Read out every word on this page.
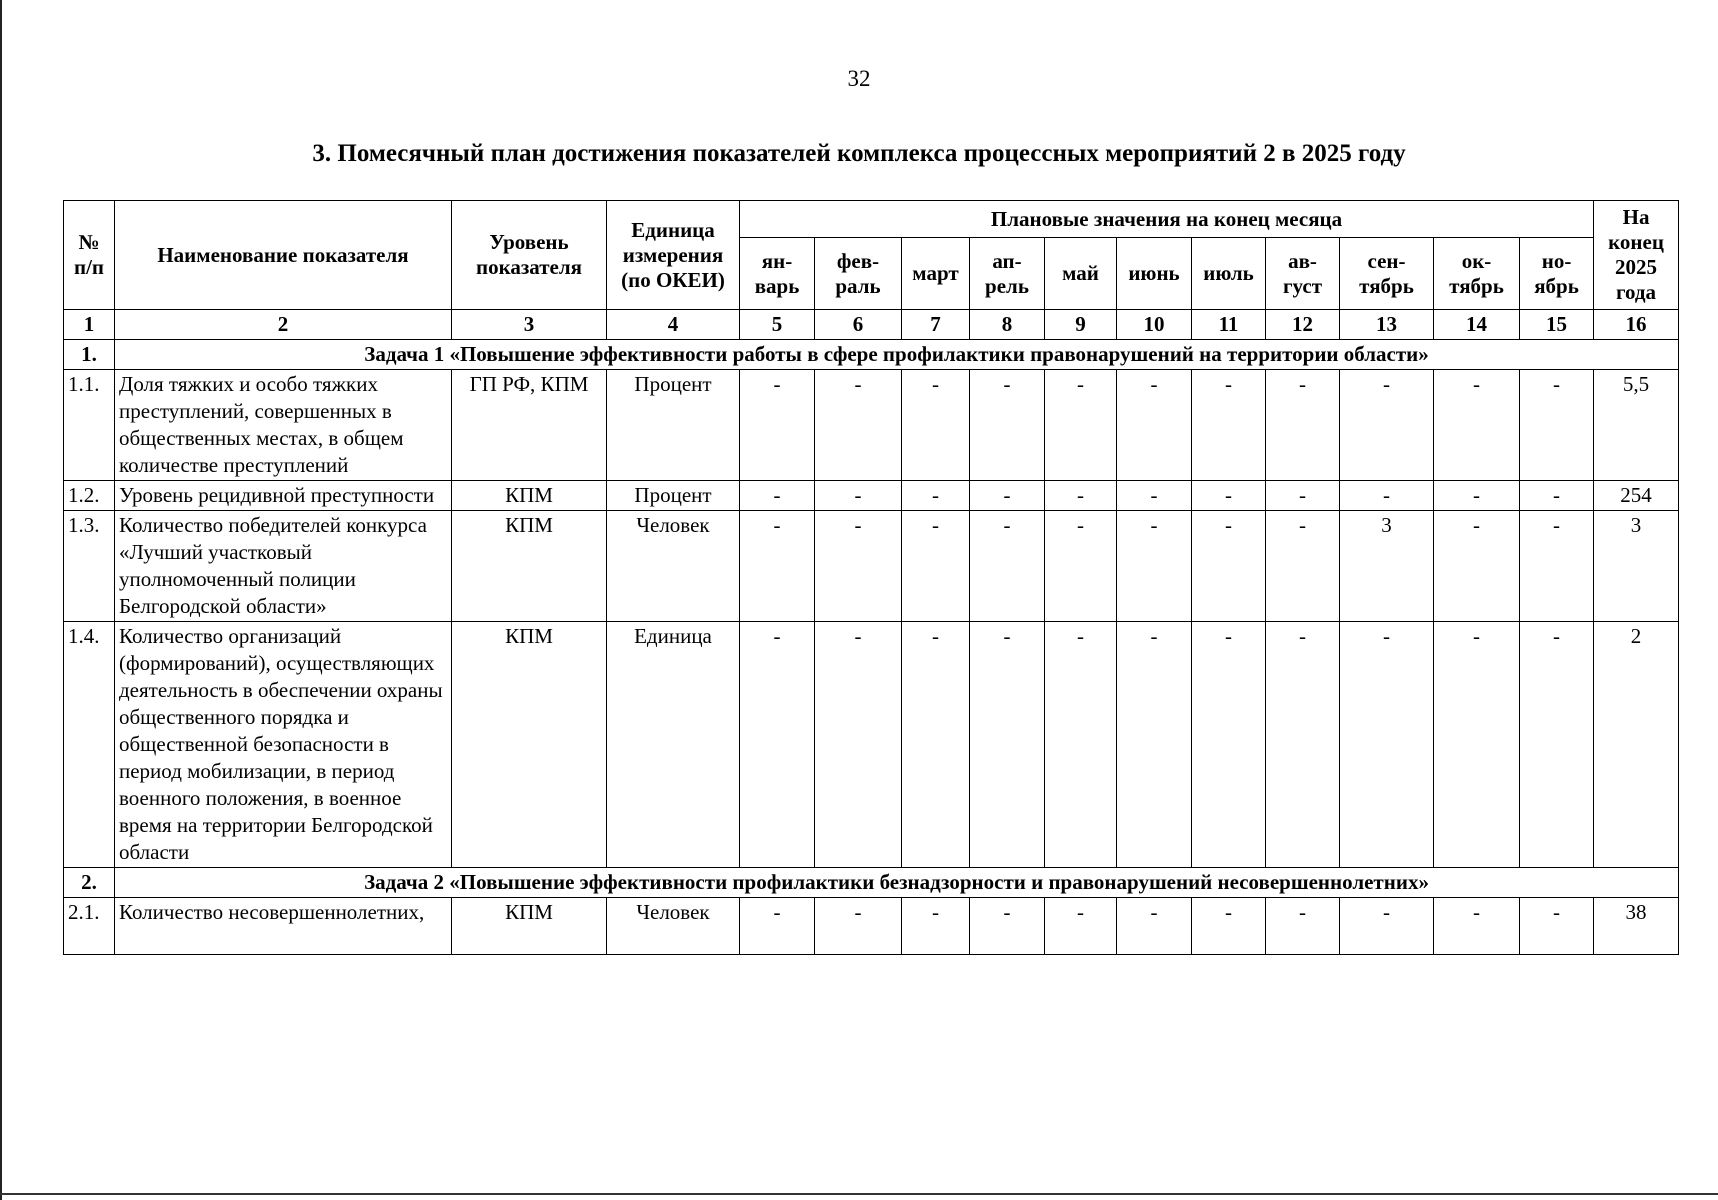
32
3. Помесячный план достижения показателей комплекса процессных мероприятий 2 в 2025 году
№ п/п	Наименование показателя	Уровень показателя	Единица измерения (по ОКЕИ)	Плановые значения на конец месяца											На конец 2025 года
				ян-варь	фев-раль	март	ап-рель	май	июнь	июль	ав-густ	сен-тябрь	ок-тябрь	но-ябрь	
1	2	3	4	5	6	7	8	9	10	11	12	13	14	15	16
1.	Задача 1 «Повышение эффективности работы в сфере профилактики правонарушений на территории области»														
1.1.	Доля тяжких и особо тяжких преступлений, совершенных в общественных местах, в общем количестве преступлений	ГП РФ, КПМ	Процент	-	-	-	-	-	-	-	-	-	-	-	5,5
1.2.	Уровень рецидивной преступности	КПМ	Процент	-	-	-	-	-	-	-	-	-	-	-	254
1.3.	Количество победителей конкурса «Лучший участковый уполномоченный полиции Белгородской области»	КПМ	Человек	-	-	-	-	-	-	-	-	3	-	-	3
1.4.	Количество организаций (формирований), осуществляющих деятельность в обеспечении охраны общественного порядка и общественной безопасности в период мобилизации, в период военного положения, в военное время на территории Белгородской области	КПМ	Единица	-	-	-	-	-	-	-	-	-	-	-	2
2.	Задача 2 «Повышение эффективности профилактики безнадзорности и правонарушений несовершеннолетних»														
2.1.	Количество несовершеннолетних,	КПМ	Человек	-	-	-	-	-	-	-	-	-	-	-	38
